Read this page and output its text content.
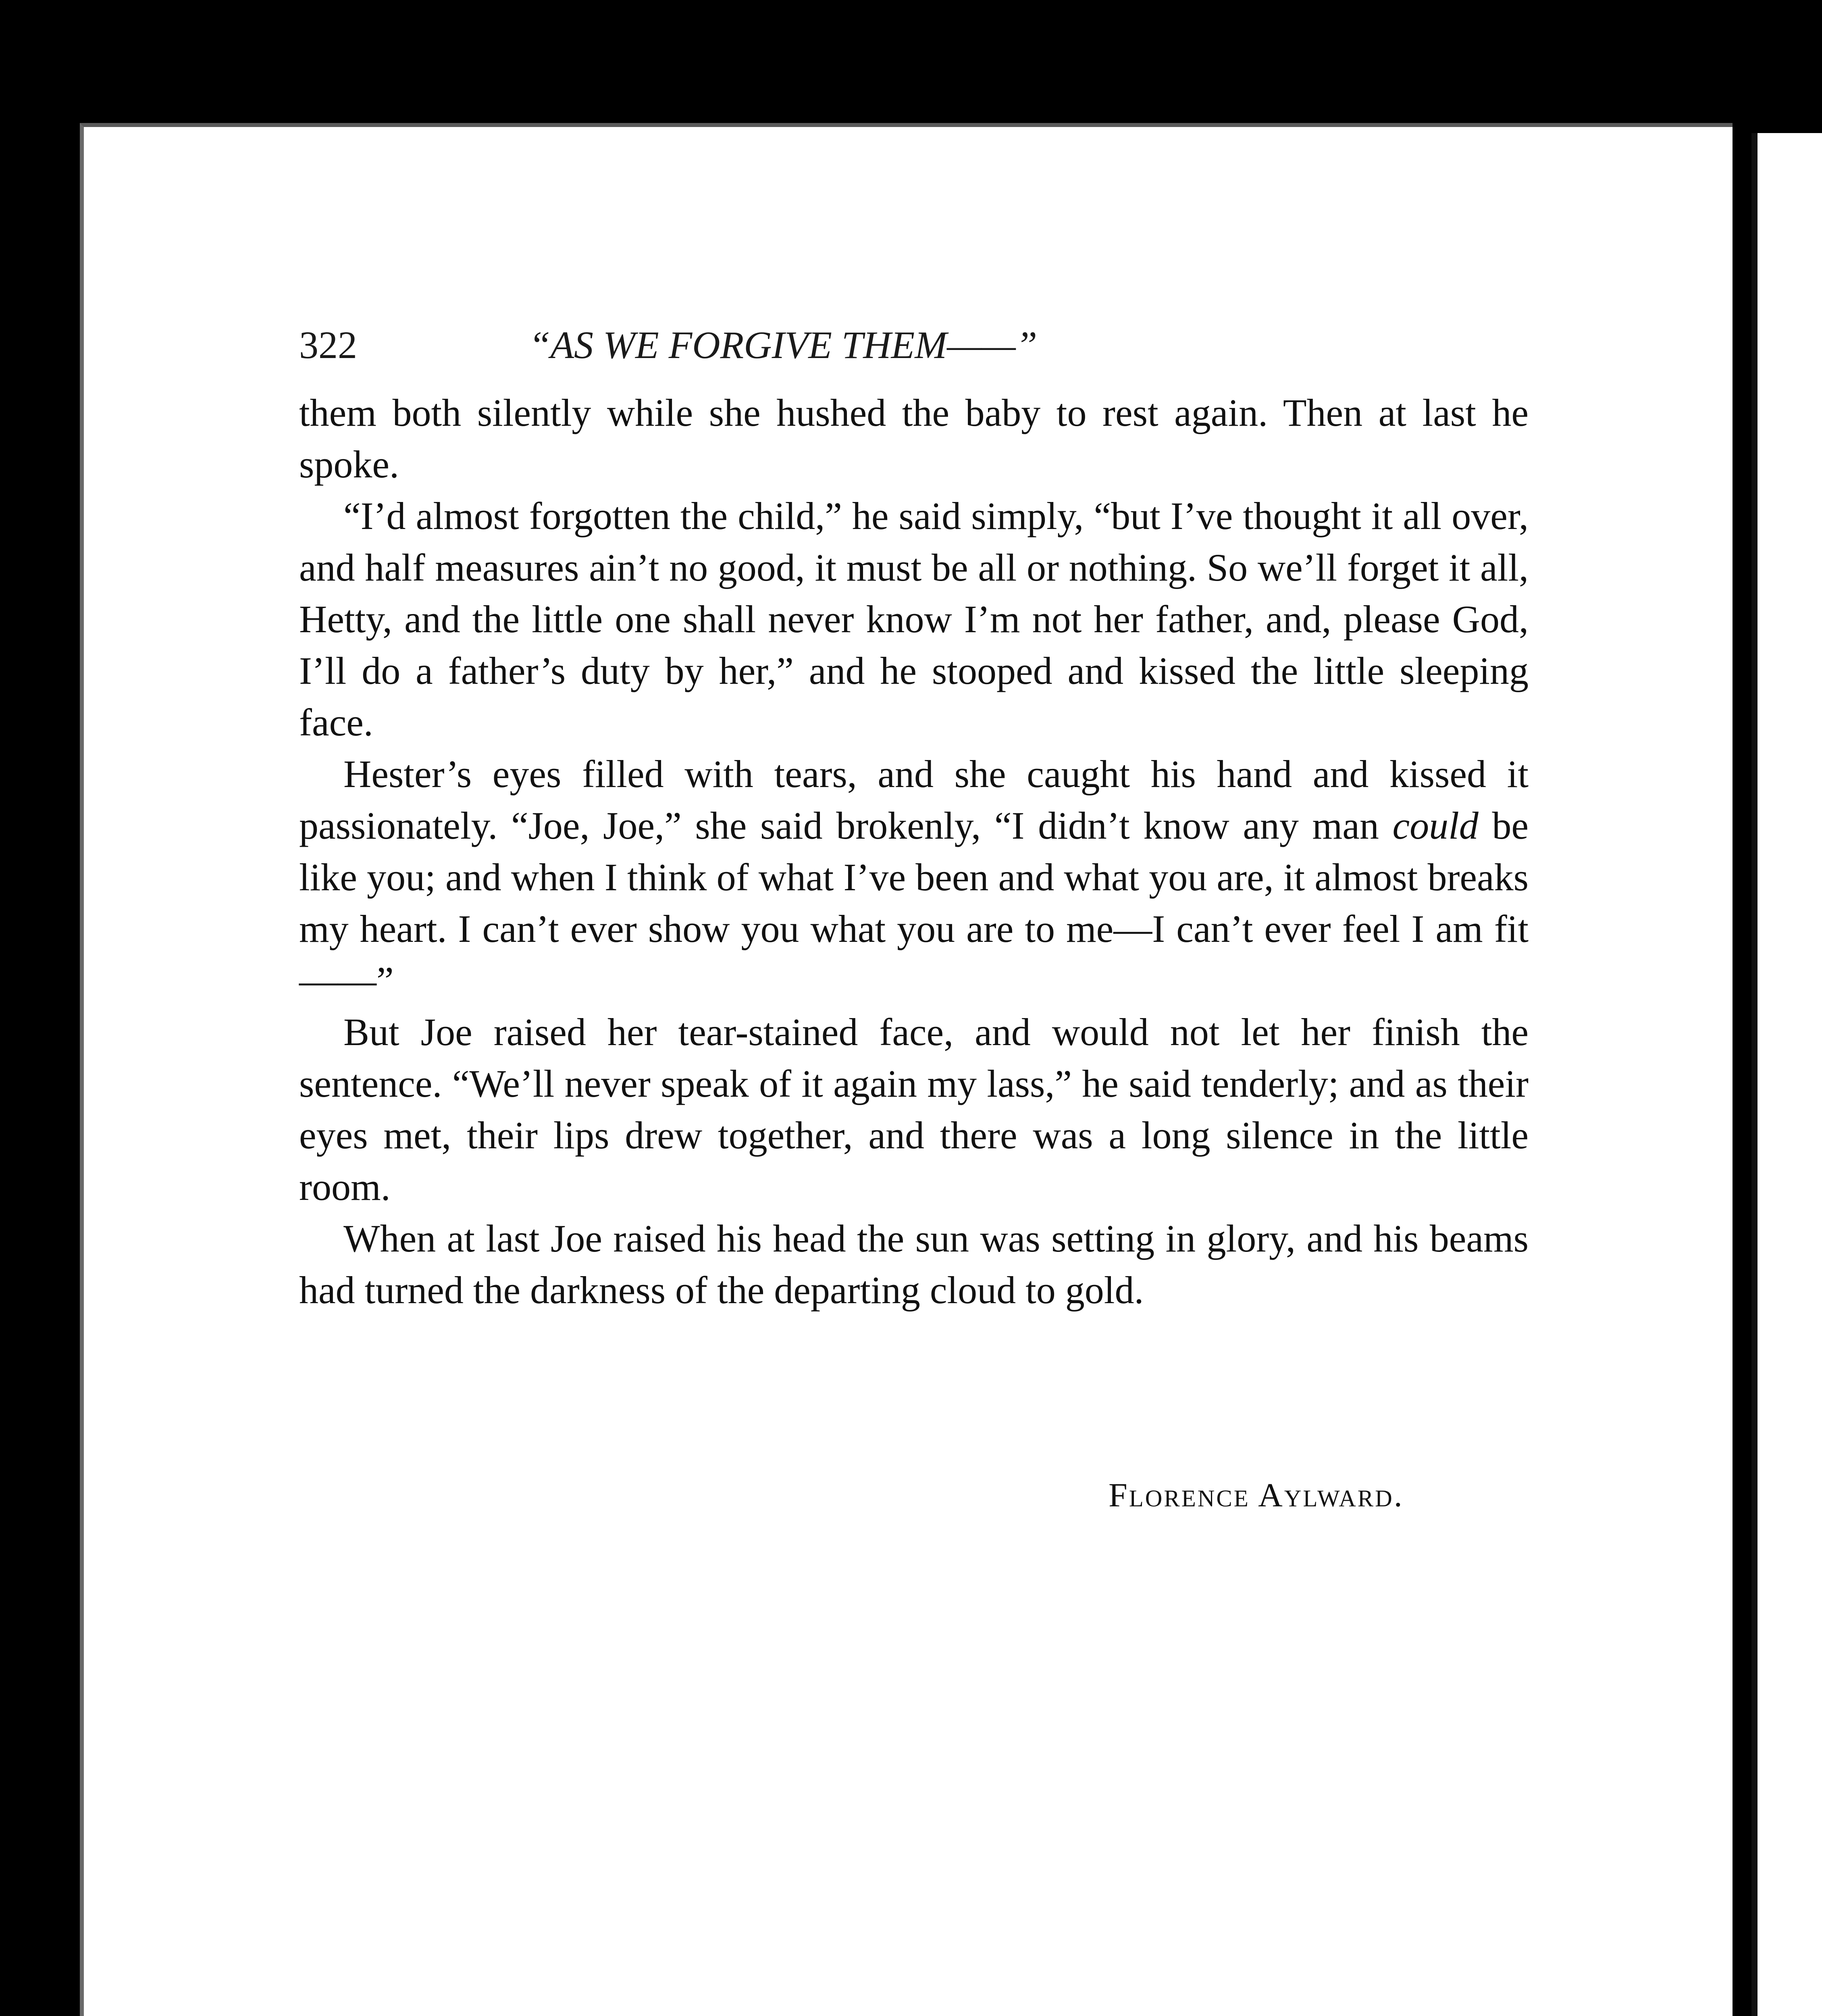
322	“AS WE FORGIVE THEM——”

them both silently while she hushed the baby to rest again. Then at last he spoke.

“I’d almost forgotten the child,” he said simply, “but I’ve thought it all over, and half measures ain’t no good, it must be all or nothing. So we’ll forget it all, Hetty, and the little one shall never know I’m not her father, and, please God, I’ll do a father’s duty by her,” and he stooped and kissed the little sleeping face.

Hester’s eyes filled with tears, and she caught his hand and kissed it passionately. “Joe, Joe,” she said brokenly, “I didn’t know any man could be like you; and when I think of what I’ve been and what you are, it almost breaks my heart. I can’t ever show you what you are to me—I can’t ever feel I am fit——”

But Joe raised her tear-stained face, and would not let her finish the sentence. “We’ll never speak of it again my lass,” he said tenderly; and as their eyes met, their lips drew together, and there was a long silence in the little room.

When at last Joe raised his head the sun was setting in glory, and his beams had turned the darkness of the departing cloud to gold.

Florence Aylward.
